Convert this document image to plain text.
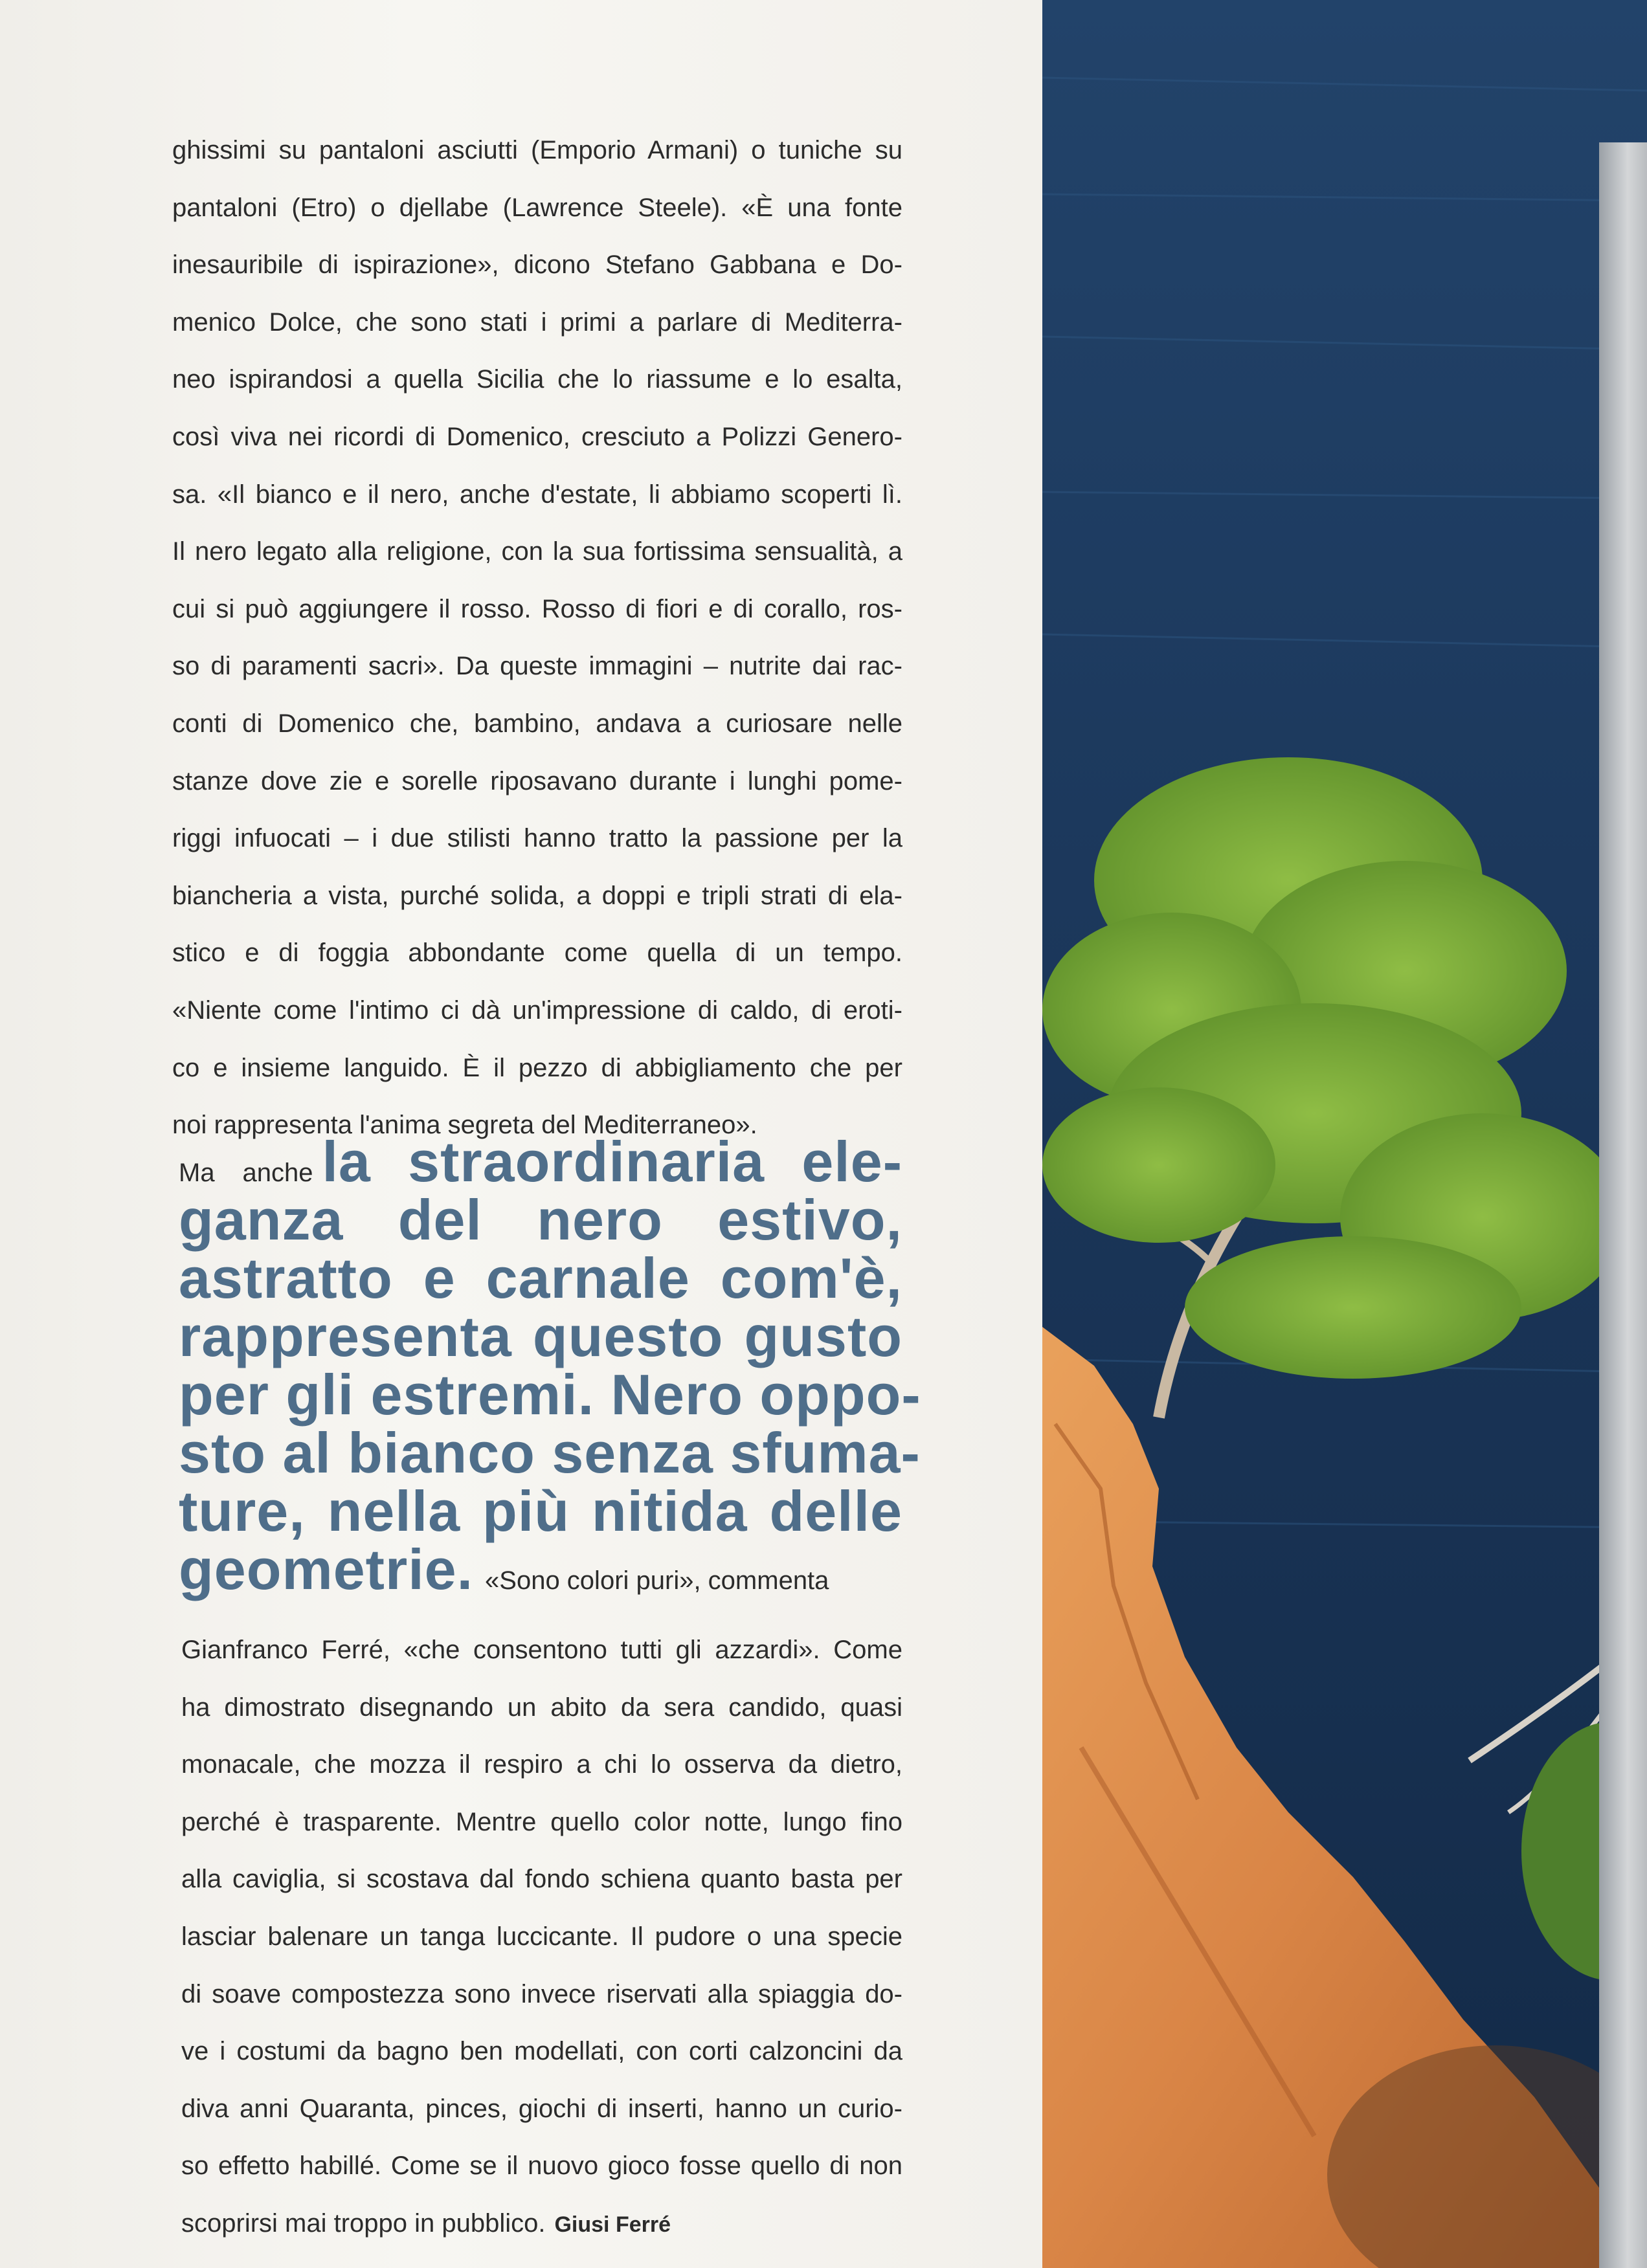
ghissimi su pantaloni asciutti (Emporio Armani) o tuniche su
pantaloni (Etro) o djellabe (Lawrence Steele). «È una fonte
inesauribile di ispirazione», dicono Stefano Gabbana e Do-
menico Dolce, che sono stati i primi a parlare di Mediterra-
neo ispirandosi a quella Sicilia che lo riassume e lo esalta,
così viva nei ricordi di Domenico, cresciuto a Polizzi Genero-
sa. «Il bianco e il nero, anche d'estate, li abbiamo scoperti lì.
Il nero legato alla religione, con la sua fortissima sensualità, a
cui si può aggiungere il rosso. Rosso di fiori e di corallo, ros-
so di paramenti sacri». Da queste immagini – nutrite dai rac-
conti di Domenico che, bambino, andava a curiosare nelle
stanze dove zie e sorelle riposavano durante i lunghi pome-
riggi infuocati – i due stilisti hanno tratto la passione per la
biancheria a vista, purché solida, a doppi e tripli strati di ela-
stico e di foggia abbondante come quella di un tempo.
«Niente come l'intimo ci dà un'impressione di caldo, di eroti-
co e insieme languido. È il pezzo di abbigliamento che per
noi rappresenta l'anima segreta del Mediterraneo».
Ma anche la straordinaria ele-
ganza del nero estivo,
astratto e carnale com'è,
rappresenta questo gusto
per gli estremi. Nero oppo-
sto al bianco senza sfuma-
ture, nella più nitida delle
geometrie. «Sono colori puri», commenta
Gianfranco Ferré, «che consentono tutti gli azzardi». Come
ha dimostrato disegnando un abito da sera candido, quasi
monacale, che mozza il respiro a chi lo osserva da dietro,
perché è trasparente. Mentre quello color notte, lungo fino
alla caviglia, si scostava dal fondo schiena quanto basta per
lasciar balenare un tanga luccicante. Il pudore o una specie
di soave compostezza sono invece riservati alla spiaggia do-
ve i costumi da bagno ben modellati, con corti calzoncini da
diva anni Quaranta, pinces, giochi di inserti, hanno un curio-
so effetto habillé. Come se il nuovo gioco fosse quello di non
scoprirsi mai troppo in pubblico. Giusi Ferré
